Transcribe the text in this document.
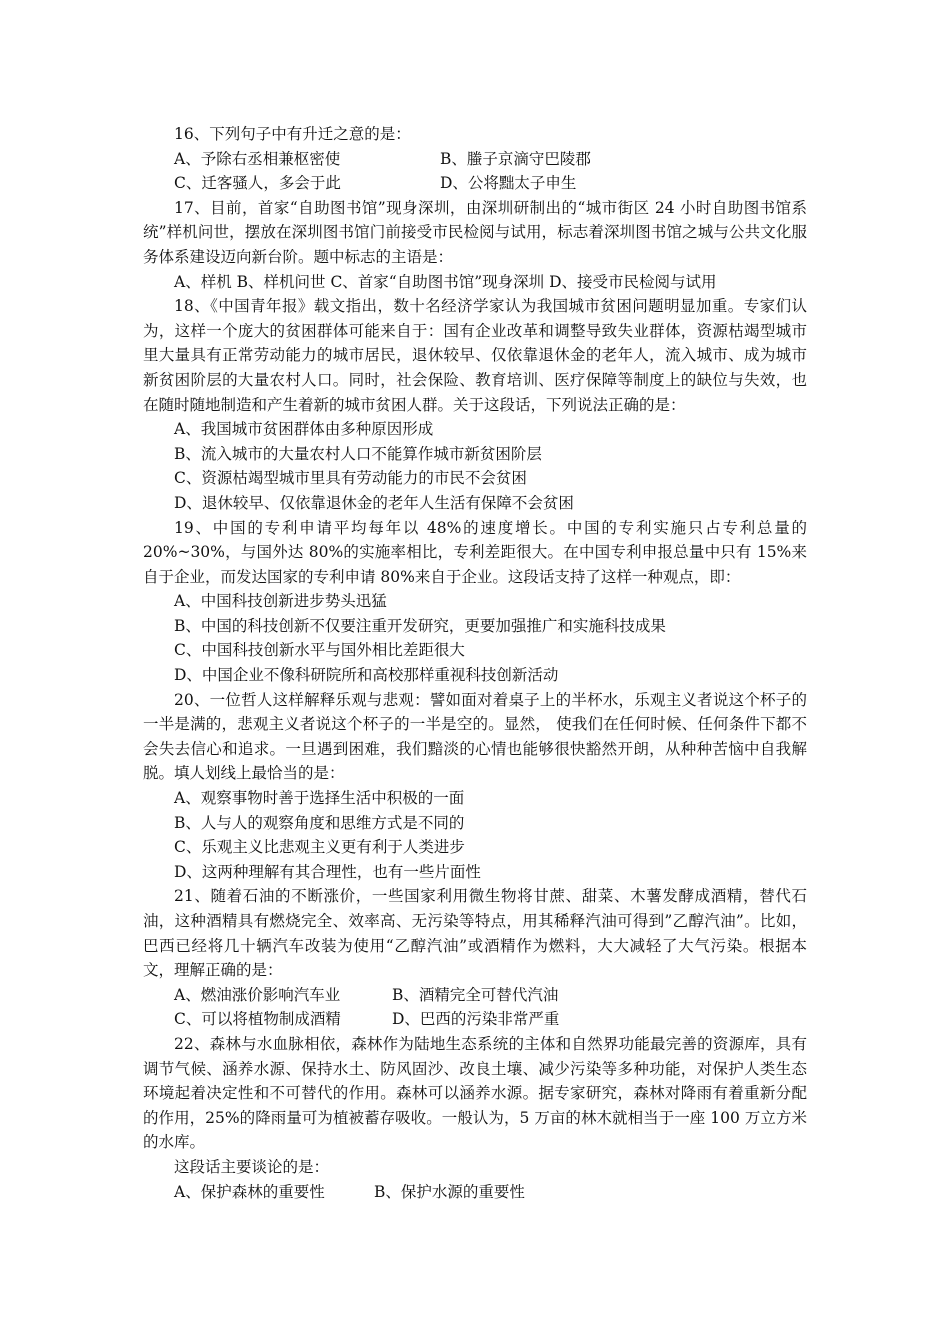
16、下列句子中有升迁之意的是：

A、予除右丞相兼枢密使	B、螣子京滴守巴陵郡
C、迁客骚人，多会于此	D、公将黜太子申生

17、目前，首家“自助图书馆”现身深圳，由深圳研制出的“城市街区 24 小时自助图书馆系统”样机问世，摆放在深圳图书馆门前接受市民检阅与试用，标志着深圳图书馆之城与公共文化服务体系建设迈向新台阶。题中标志的主语是：

A、样机 B、样机问世 C、首家“自助图书馆”现身深圳 D、接受市民检阅与试用

18、《中国青年报》载文指出，数十名经济学家认为我国城市贫困问题明显加重。专家们认为，这样一个庞大的贫困群体可能来自于：国有企业改革和调整导致失业群体，资源枯竭型城市里大量具有正常劳动能力的城市居民，退休较早、仅依靠退休金的老年人，流入城市、成为城市新贫困阶层的大量农村人口。同时，社会保险、教育培训、医疗保障等制度上的缺位与失效，也在随时随地制造和产生着新的城市贫困人群。关于这段话，下列说法正确的是：

A、我国城市贫困群体由多种原因形成

B、流入城市的大量农村人口不能算作城市新贫困阶层

C、资源枯竭型城市里具有劳动能力的市民不会贫困

D、退休较早、仅依靠退休金的老年人生活有保障不会贫困

19、中国的专利申请平均每年以 48%的速度增长。中国的专利实施只占专利总量的 20%~30%，与国外达 80%的实施率相比，专利差距很大。在中国专利申报总量中只有 15%来自于企业，而发达国家的专利申请 80%来自于企业。这段话支持了这样一种观点，即：

A、中国科技创新进步势头迅猛

B、中国的科技创新不仅要注重开发研究，更要加强推广和实施科技成果

C、中国科技创新水平与国外相比差距很大

D、中国企业不像科研院所和高校那样重视科技创新活动

20、一位哲人这样解释乐观与悲观：譬如面对着桌子上的半杯水，乐观主义者说这个杯子的一半是满的，悲观主义者说这个杯子的一半是空的。显然， 使我们在任何时候、任何条件下都不会失去信心和追求。一旦遇到困难，我们黯淡的心情也能够很快豁然开朗，从种种苦恼中自我解脱。填人划线上最恰当的是：

A、观察事物时善于选择生活中积极的一面

B、人与人的观察角度和思维方式是不同的

C、乐观主义比悲观主义更有利于人类进步

D、这两种理解有其合理性，也有一些片面性

21、随着石油的不断涨价，一些国家利用微生物将甘蔗、甜菜、木薯发酵成酒精，替代石油，这种酒精具有燃烧完全、效率高、无污染等特点，用其稀释汽油可得到”乙醇汽油”。比如，巴西已经将几十辆汽车改装为使用“乙醇汽油”或酒精作为燃料，大大减轻了大气污染。根据本文，理解正确的是：

A、燃油涨价影响汽车业	B、酒精完全可替代汽油
C、可以将植物制成酒精	D、巴西的污染非常严重

22、森林与水血脉相依，森林作为陆地生态系统的主体和自然界功能最完善的资源库，具有调节气候、涵养水源、保持水土、防风固沙、改良土壤、减少污染等多种功能，对保护人类生态环境起着决定性和不可替代的作用。森林可以涵养水源。据专家研究，森林对降雨有着重新分配的作用，25%的降雨量可为植被蓄存吸收。一般认为，5 万亩的林木就相当于一座 100 万立方米的水库。

这段话主要谈论的是：

A、保护森林的重要性	B、保护水源的重要性
